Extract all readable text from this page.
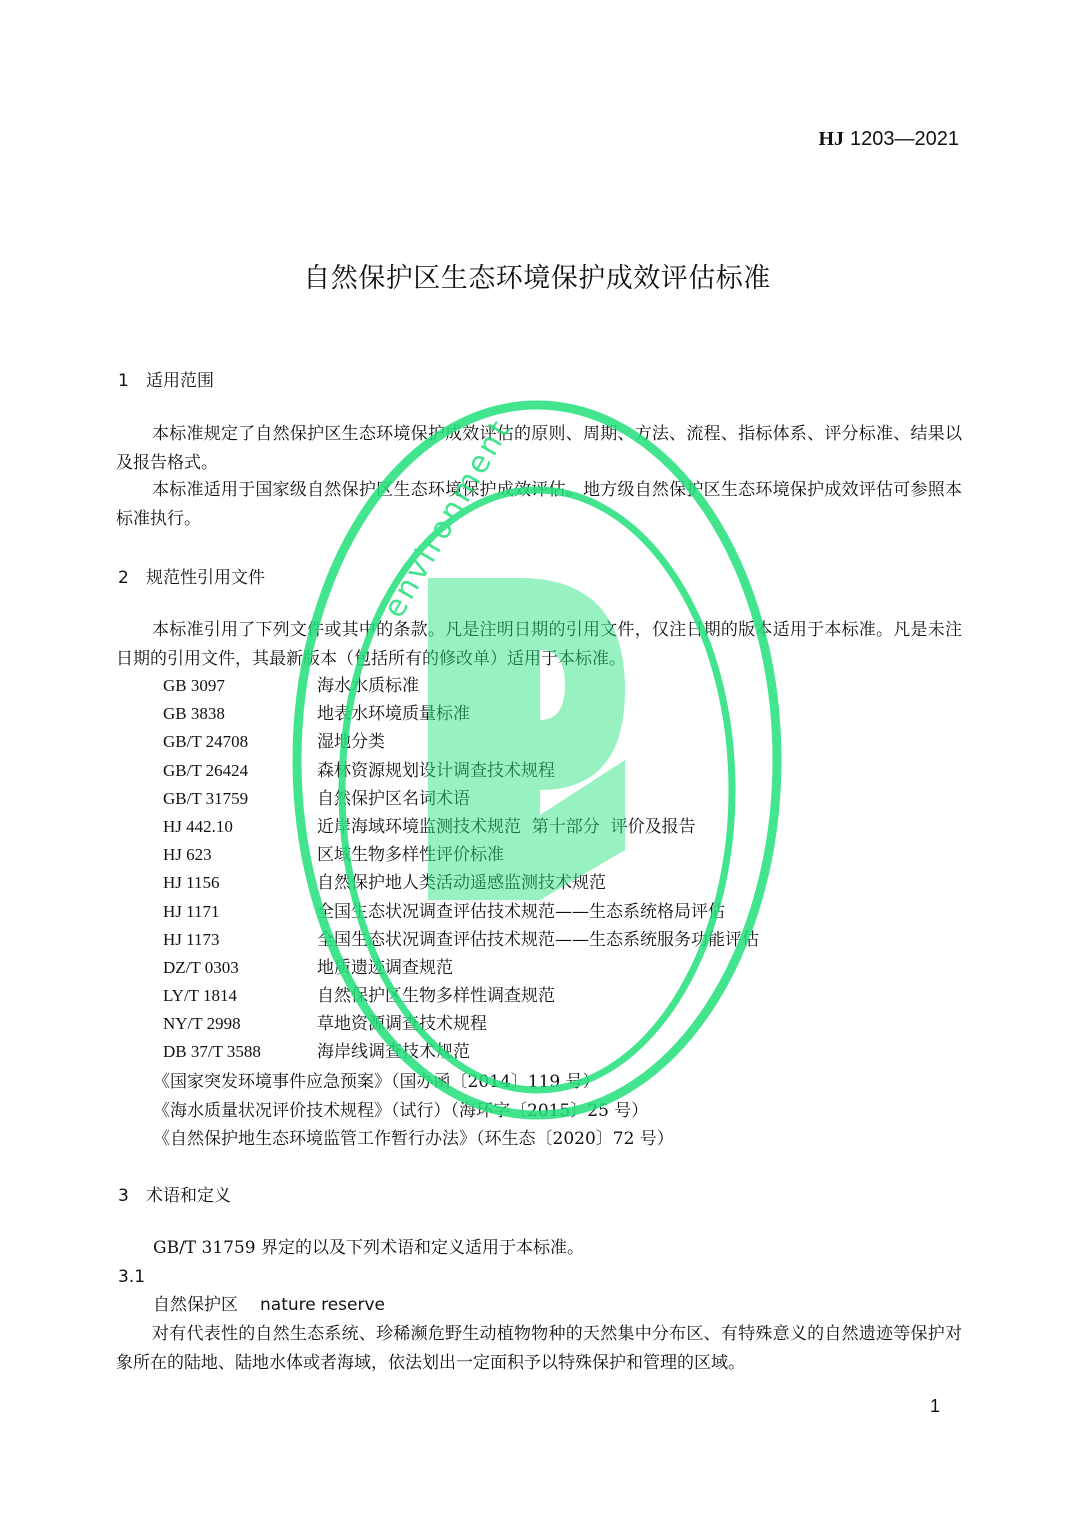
HJ 1203—2021
自然保护区生态环境保护成效评估标准
1 适用范围
本标准规定了自然保护区生态环境保护成效评估的原则、周期、方法、流程、指标体系、评分标准、结果以及报告格式。
本标准适用于国家级自然保护区生态环境保护成效评估。地方级自然保护区生态环境保护成效评估可参照本标准执行。
2 规范性引用文件
本标准引用了下列文件或其中的条款。凡是注明日期的引用文件，仅注日期的版本适用于本标准。凡是未注日期的引用文件，其最新版本（包括所有的修改单）适用于本标准。
GB 3097	海水水质标准
GB 3838	地表水环境质量标准
GB/T 24708	湿地分类
GB/T 26424	森林资源规划设计调查技术规程
GB/T 31759	自然保护区名词术语
HJ 442.10	近岸海域环境监测技术规范  第十部分  评价及报告
HJ 623	区域生物多样性评价标准
HJ 1156	自然保护地人类活动遥感监测技术规范
HJ 1171	全国生态状况调查评估技术规范——生态系统格局评估
HJ 1173	全国生态状况调查评估技术规范——生态系统服务功能评估
DZ/T 0303	地质遗迹调查规范
LY/T 1814	自然保护区生物多样性调查规范
NY/T 2998	草地资源调查技术规程
DB 37/T 3588	海岸线调查技术规范
《国家突发环境事件应急预案》（国办函〔2014〕119 号）
《海水质量状况评价技术规程》（试行）（海环字〔2015〕25 号）
《自然保护地生态环境监管工作暂行办法》（环生态〔2020〕72 号）
3 术语和定义
GB/T 31759 界定的以及下列术语和定义适用于本标准。
3.1
自然保护区 nature reserve
对有代表性的自然生态系统、珍稀濒危野生动植物物种的天然集中分布区、有特殊意义的自然遗迹等保护对象所在的陆地、陆地水体或者海域，依法划出一定面积予以特殊保护和管理的区域。
1
environment
